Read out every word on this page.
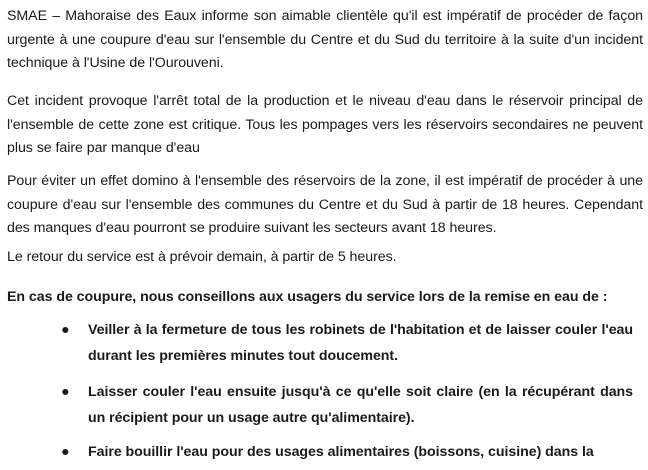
SMAE – Mahoraise des Eaux informe son aimable clientèle qu'il est impératif de procéder de façon urgente à une coupure d'eau sur l'ensemble du Centre et du Sud du territoire à la suite d'un incident technique à l'Usine de l'Ourouveni.

Cet incident provoque l'arrêt total de la production et le niveau d'eau dans le réservoir principal de l'ensemble de cette zone est critique. Tous les pompages vers les réservoirs secondaires ne peuvent plus se faire par manque d'eau

Pour éviter un effet domino à l'ensemble des réservoirs de la zone, il est impératif de procéder à une coupure d'eau sur l'ensemble des communes du Centre et du Sud à partir de 18 heures. Cependant des manques d'eau pourront se produire suivant les secteurs avant 18 heures.

Le retour du service est à prévoir demain, à partir de 5 heures.

En cas de coupure, nous conseillons aux usagers du service lors de la remise en eau de :

● Veiller à la fermeture de tous les robinets de l'habitation et de laisser couler l'eau durant les premières minutes tout doucement.
● Laisser couler l'eau ensuite jusqu'à ce qu'elle soit claire (en la récupérant dans un récipient pour un usage autre qu'alimentaire).
● Faire bouillir l'eau pour des usages alimentaires (boissons, cuisine) dans la
